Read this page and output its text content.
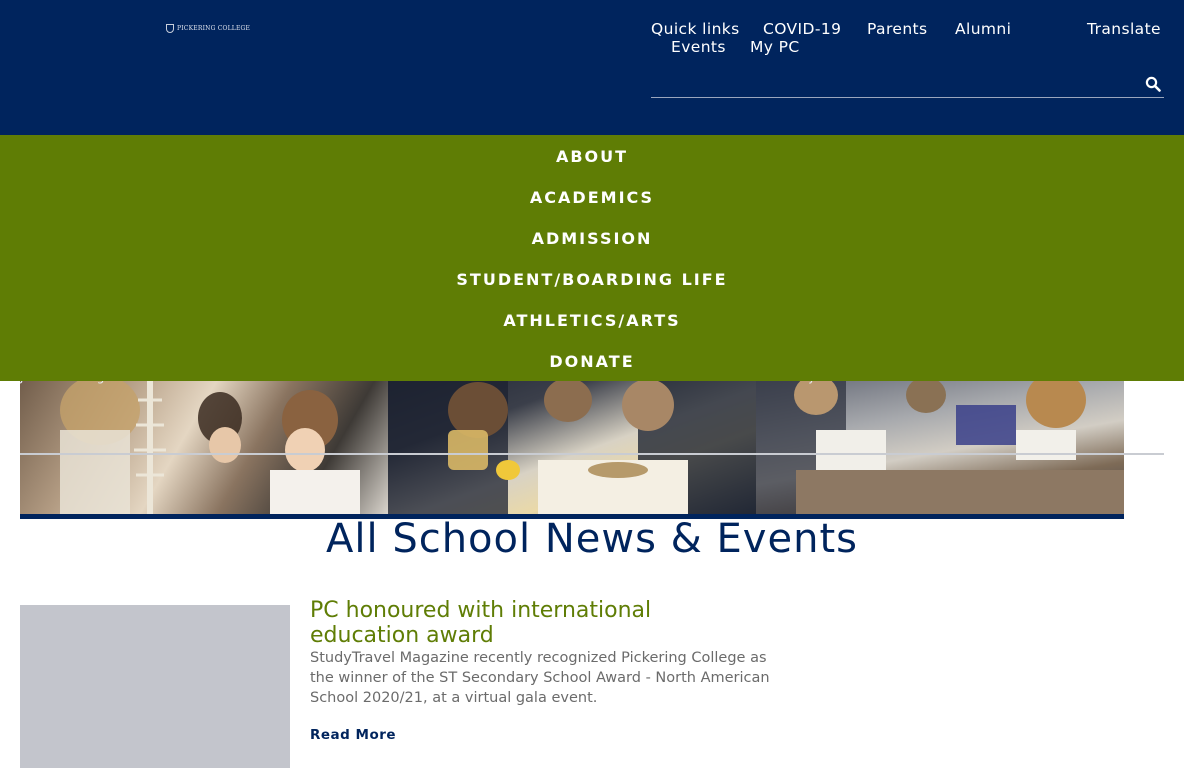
PICKERING COLLEGE	Quick links COVID-19 Parents Alumni	Translate
Events My PC
ABOUT
ACADEMICS
ADMISSION
STUDENT/BOARDING LIFE
ATHLETICS/ARTS
DONATE
All School News & Events
PC honoured with international education award
StudyTravel Magazine recently recognized Pickering College as the winner of the ST Secondary School Award - North American School 2020/21, at a virtual gala event.
Read More
